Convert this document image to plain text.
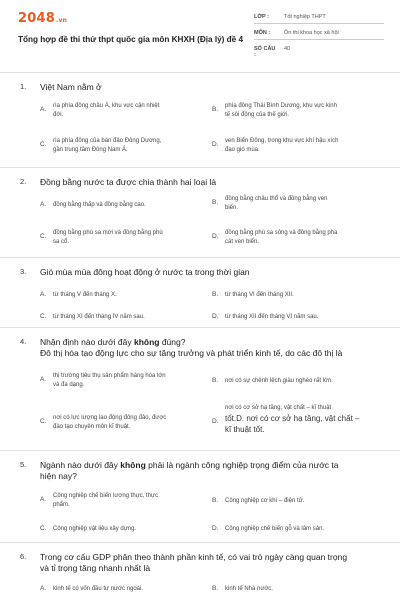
2048.vn
Tổng hợp đề thi thử thpt quốc gia môn KHXH (Địa lý) đề 4
LỚP :	Tốt nghiệp THPT
MÔN :	Ôn thi khoa học xã hội
SỐ CÂU :
40
1. Việt Nam nằm ở
A. rìa phía đông châu Á, khu vực cận nhiệt
đới.
B. phía đông Thái Bình Dương, khu vực kinh
tế sôi động của thế giới.
C. rìa phía đông của bán đảo Đông Dương,
gần trung tâm Đông Nam Á.
D. ven Biển Đông, trong khu vực khí hậu xích
đạo gió mùa.
2. Đồng bằng nước ta được chia thành hai loại là
A. đồng bằng thấp và đồng bằng cao.	B. đồng bằng châu thổ và đồng bằng ven
biển.
C. đồng bằng phù sa mới và đồng bằng phù
sa cổ.
D. đồng bằng phù sa sông và đồng bằng pha
cát ven biển.
3. Gió mùa mùa đông hoạt động ở nước ta trong thời gian
A. từ tháng V đến tháng X.	B. từ tháng VI đến tháng XII.
C. từ tháng XI đến tháng IV năm sau.	D. từ tháng XII đến tháng VI năm sau.
4. Nhận định nào dưới đây không đúng?
Đô thị hóa tạo động lực cho sự tăng trưởng và phát triển kinh tế, do các đô thị là
A. thị trường tiêu thụ sản phẩm hàng hóa lớn
và đa dạng.
B. nơi có sự chênh lệch giàu nghèo rất lớn.
C. nơi có lực lượng lao động đông đảo, được
đào tạo chuyên môn kĩ thuật.
D.
nơi có cơ sở hạ tầng, vật chất – kĩ thuật
tốt.D. nơi có cơ sở hạ tầng, vật chất –
kĩ thuật tốt.
5. Ngành nào dưới đây không phải là ngành công nghiệp trọng điểm của nước ta
hiện nay?
A. Công nghiệp chế biến lương thực, thực
phẩm.
B. Công nghiệp cơ khí – điện tử.
C. Công nghiệp vật liệu xây dựng.	D. Công nghiệp chế biến gỗ và lâm sản.
6. Trong cơ cấu GDP phân theo thành phần kinh tế, có vai trò ngày càng quan trọng
và tỉ trọng tăng nhanh nhất là
A. kinh tế có vốn đầu tư nước ngoài.	B. kinh tế Nhà nước.
